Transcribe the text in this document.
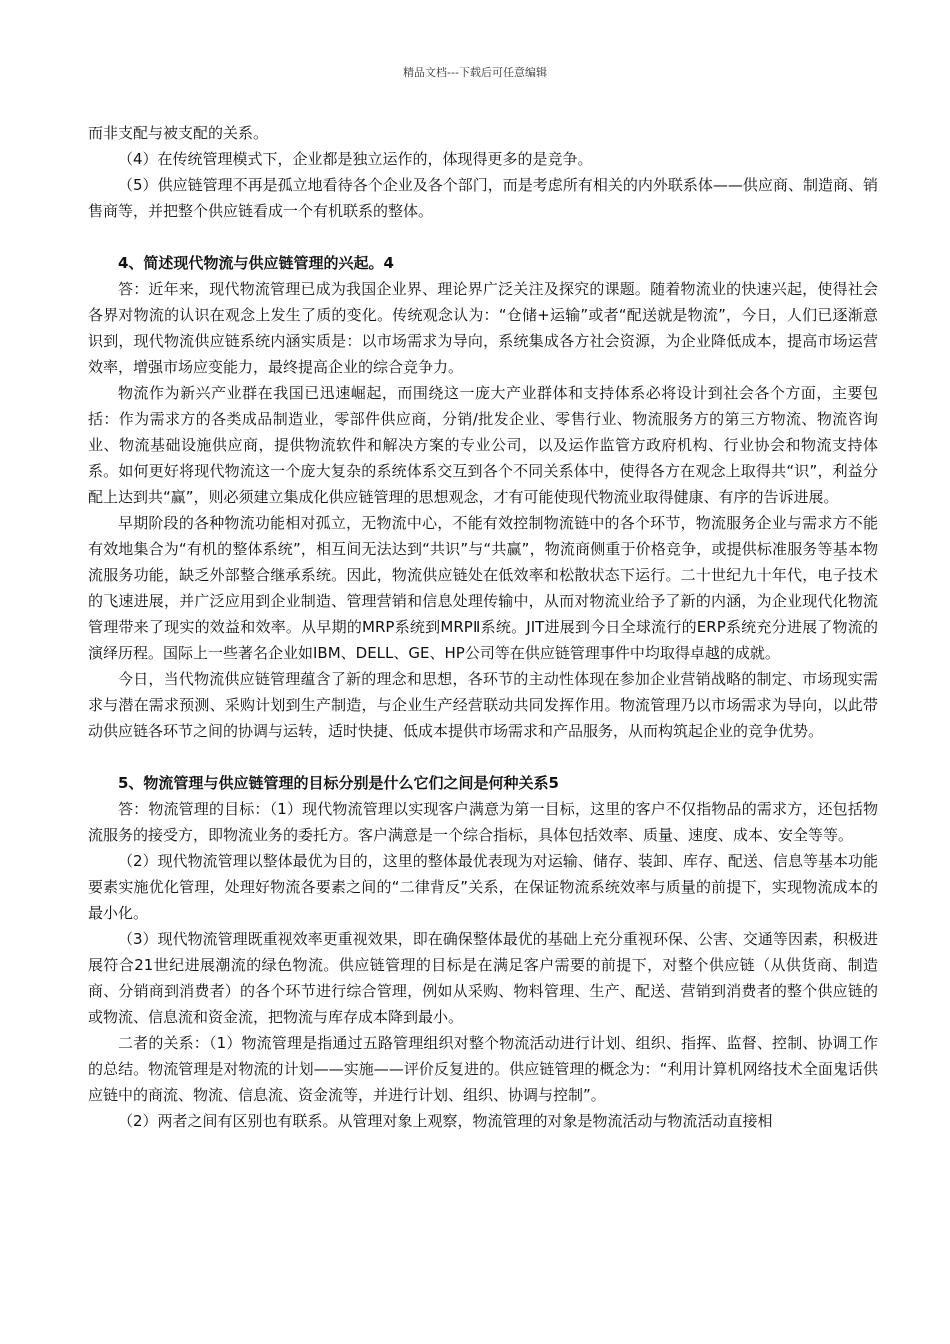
精品文档---下载后可任意编辑

而非支配与被支配的关系。

（4）在传统管理模式下，企业都是独立运作的，体现得更多的是竞争。

（5）供应链管理不再是孤立地看待各个企业及各个部门，而是考虑所有相关的内外联系体——供应商、制造商、销售商等，并把整个供应链看成一个有机联系的整体。

4、简述现代物流与供应链管理的兴起。4

答：近年来，现代物流管理已成为我国企业界、理论界广泛关注及探究的课题。随着物流业的快速兴起，使得社会各界对物流的认识在观念上发生了质的变化。传统观念认为：“仓储+运输”或者“配送就是物流”，今日，人们已逐渐意识到，现代物流供应链系统内涵实质是：以市场需求为导向，系统集成各方社会资源，为企业降低成本，提高市场运营效率，增强市场应变能力，最终提高企业的综合竞争力。

物流作为新兴产业群在我国已迅速崛起，而围绕这一庞大产业群体和支持体系必将设计到社会各个方面，主要包括：作为需求方的各类成品制造业，零部件供应商，分销/批发企业、零售行业、物流服务方的第三方物流、物流咨询业、物流基础设施供应商，提供物流软件和解决方案的专业公司，以及运作监管方政府机构、行业协会和物流支持体系。如何更好将现代物流这一个庞大复杂的系统体系交互到各个不同关系体中，使得各方在观念上取得共“识”，利益分配上达到共“赢”，则必须建立集成化供应链管理的思想观念，才有可能使现代物流业取得健康、有序的告诉进展。

早期阶段的各种物流功能相对孤立，无物流中心，不能有效控制物流链中的各个环节，物流服务企业与需求方不能有效地集合为“有机的整体系统”，相互间无法达到“共识”与“共赢”，物流商侧重于价格竞争，或提供标准服务等基本物流服务功能，缺乏外部整合继承系统。因此，物流供应链处在低效率和松散状态下运行。二十世纪九十年代，电子技术的飞速进展，并广泛应用到企业制造、管理营销和信息处理传输中，从而对物流业给予了新的内涵，为企业现代化物流管理带来了现实的效益和效率。从早期的MRP系统到MRPⅡ系统。JIT进展到今日全球流行的ERP系统充分进展了物流的演绎历程。国际上一些著名企业如IBM、DELL、GE、HP公司等在供应链管理事件中均取得卓越的成就。

今日，当代物流供应链管理蕴含了新的理念和思想，各环节的主动性体现在参加企业营销战略的制定、市场现实需求与潜在需求预测、采购计划到生产制造，与企业生产经营联动共同发挥作用。物流管理乃以市场需求为导向，以此带动供应链各环节之间的协调与运转，适时快捷、低成本提供市场需求和产品服务，从而构筑起企业的竞争优势。

5、物流管理与供应链管理的目标分别是什么它们之间是何种关系5

答：物流管理的目标：（1）现代物流管理以实现客户满意为第一目标，这里的客户不仅指物品的需求方，还包括物流服务的接受方，即物流业务的委托方。客户满意是一个综合指标，具体包括效率、质量、速度、成本、安全等等。

（2）现代物流管理以整体最优为目的，这里的整体最优表现为对运输、储存、装卸、库存、配送、信息等基本功能要素实施优化管理，处理好物流各要素之间的“二律背反”关系，在保证物流系统效率与质量的前提下，实现物流成本的最小化。

（3）现代物流管理既重视效率更重视效果，即在确保整体最优的基础上充分重视环保、公害、交通等因素，积极进展符合21世纪进展潮流的绿色物流。供应链管理的目标是在满足客户需要的前提下，对整个供应链（从供货商、制造商、分销商到消费者）的各个环节进行综合管理，例如从采购、物料管理、生产、配送、营销到消费者的整个供应链的或物流、信息流和资金流，把物流与库存成本降到最小。

二者的关系：（1）物流管理是指通过五路管理组织对整个物流活动进行计划、组织、指挥、监督、控制、协调工作的总结。物流管理是对物流的计划——实施——评价反复进的。供应链管理的概念为：“利用计算机网络技术全面鬼话供应链中的商流、物流、信息流、资金流等，并进行计划、组织、协调与控制”。

（2）两者之间有区别也有联系。从管理对象上观察，物流管理的对象是物流活动与物流活动直接相
